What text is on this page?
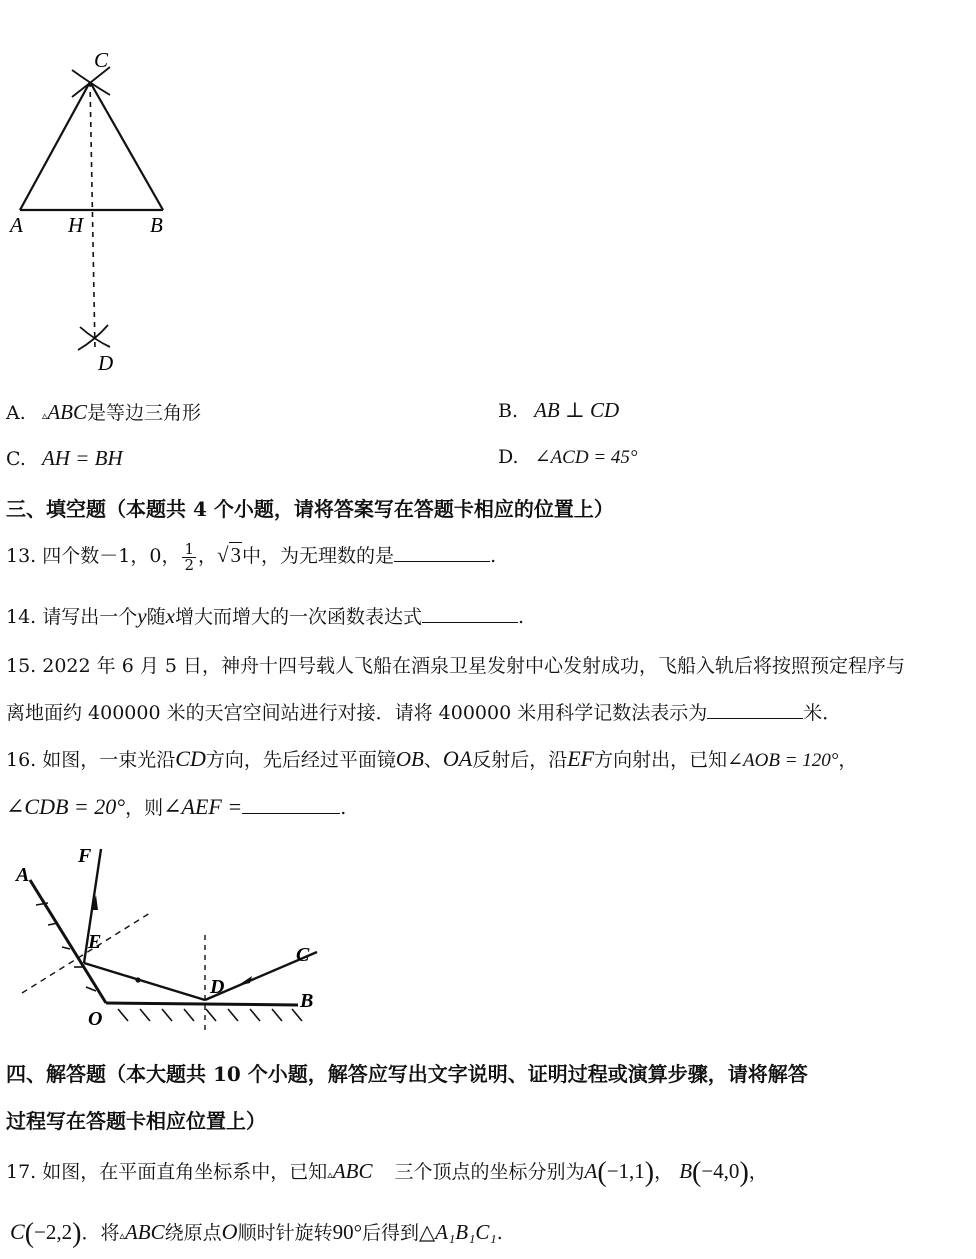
C
A H	B
D
A. ▵ABC是等边三角形	B. AB ⊥ CD
C. AH = BH	D. ∠ACD = 45°
三、填空题（本题共 4 个小题，请将答案写在答题卡相应的位置上）
13. 四个数－1，0， $\frac{1}{2}$ ，√3中，为无理数的是	.
14. 请写出一个y随x增大而增大的一次函数表达式	.
15. 2022 年 6 月 5 日，神舟十四号载人飞船在酒泉卫星发射中心发射成功，飞船入轨后将按照预定程序与
离地面约 400000 米的天宫空间站进行对接．请将 400000 米用科学记数法表示为	米．
16. 如图，一束光沿CD方向，先后经过平面镜OB、OA反射后，沿EF方向射出，已知∠AOB = 120°，
∠CDB = 20°，则∠AEF =	.
F
A
E
C
D
O
B
四、解答题（本大题共 10 个小题，解答应写出文字说明、证明过程或演算步骤，请将解答
过程写在答题卡相应位置上）
17. 如图，在平面直角坐标系中，已知▵ABC 三个顶点的坐标分别为A(−1,1)， B(−4,0)，
C(−2,2)．将▵ABC绕原点O顺时针旋转90°后得到△A₁B₁C₁.
